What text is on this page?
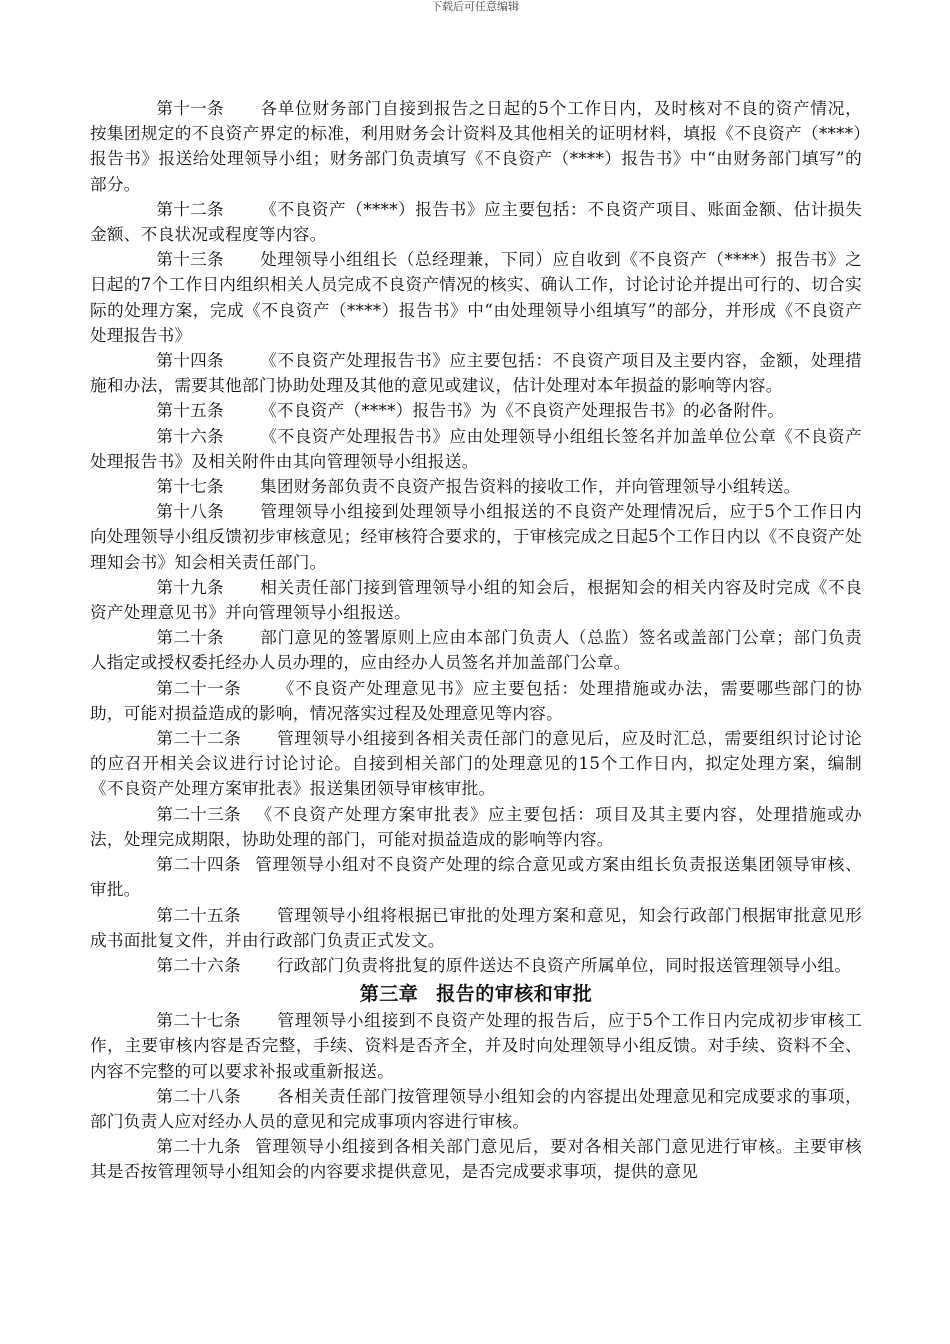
下载后可任意编辑

第十一条 各单位财务部门自接到报告之日起的5个工作日内，及时核对不良的资产情况，按集团规定的不良资产界定的标准，利用财务会计资料及其他相关的证明材料，填报《不良资产（****）报告书》报送给处理领导小组；财务部门负责填写《不良资产（****）报告书》中“由财务部门填写”的部分。

第十二条 《不良资产（****）报告书》应主要包括：不良资产项目、账面金额、估计损失金额、不良状况或程度等内容。

第十三条 处理领导小组组长（总经理兼，下同）应自收到《不良资产（****）报告书》之日起的7个工作日内组织相关人员完成不良资产情况的核实、确认工作，讨论讨论并提出可行的、切合实际的处理方案，完成《不良资产（****）报告书》中“由处理领导小组填写”的部分，并形成《不良资产处理报告书》

第十四条 《不良资产处理报告书》应主要包括：不良资产项目及主要内容，金额，处理措施和办法，需要其他部门协助处理及其他的意见或建议，估计处理对本年损益的影响等内容。

第十五条 《不良资产（****）报告书》为《不良资产处理报告书》的必备附件。

第十六条 《不良资产处理报告书》应由处理领导小组组长签名并加盖单位公章《不良资产处理报告书》及相关附件由其向管理领导小组报送。

第十七条 集团财务部负责不良资产报告资料的接收工作，并向管理领导小组转送。

第十八条 管理领导小组接到处理领导小组报送的不良资产处理情况后，应于5个工作日内向处理领导小组反馈初步审核意见；经审核符合要求的，于审核完成之日起5个工作日内以《不良资产处理知会书》知会相关责任部门。

第十九条 相关责任部门接到管理领导小组的知会后，根据知会的相关内容及时完成《不良资产处理意见书》并向管理领导小组报送。

第二十条 部门意见的签署原则上应由本部门负责人（总监）签名或盖部门公章；部门负责人指定或授权委托经办人员办理的，应由经办人员签名并加盖部门公章。

第二十一条 《不良资产处理意见书》应主要包括：处理措施或办法，需要哪些部门的协助，可能对损益造成的影响，情况落实过程及处理意见等内容。

第二十二条 管理领导小组接到各相关责任部门的意见后，应及时汇总，需要组织讨论讨论的应召开相关会议进行讨论讨论。自接到相关部门的处理意见的15个工作日内，拟定处理方案，编制《不良资产处理方案审批表》报送集团领导审核审批。

第二十三条 《不良资产处理方案审批表》应主要包括：项目及其主要内容，处理措施或办法，处理完成期限，协助处理的部门，可能对损益造成的影响等内容。

第二十四条 管理领导小组对不良资产处理的综合意见或方案由组长负责报送集团领导审核、审批。

第二十五条 管理领导小组将根据已审批的处理方案和意见，知会行政部门根据审批意见形成书面批复文件，并由行政部门负责正式发文。

第二十六条 行政部门负责将批复的原件送达不良资产所属单位，同时报送管理领导小组。

第三章 报告的审核和审批

第二十七条 管理领导小组接到不良资产处理的报告后，应于5个工作日内完成初步审核工作，主要审核内容是否完整，手续、资料是否齐全，并及时向处理领导小组反馈。对手续、资料不全、内容不完整的可以要求补报或重新报送。

第二十八条 各相关责任部门按管理领导小组知会的内容提出处理意见和完成要求的事项，部门负责人应对经办人员的意见和完成事项内容进行审核。

第二十九条 管理领导小组接到各相关部门意见后，要对各相关部门意见进行审核。主要审核其是否按管理领导小组知会的内容要求提供意见，是否完成要求事项，提供的意见
